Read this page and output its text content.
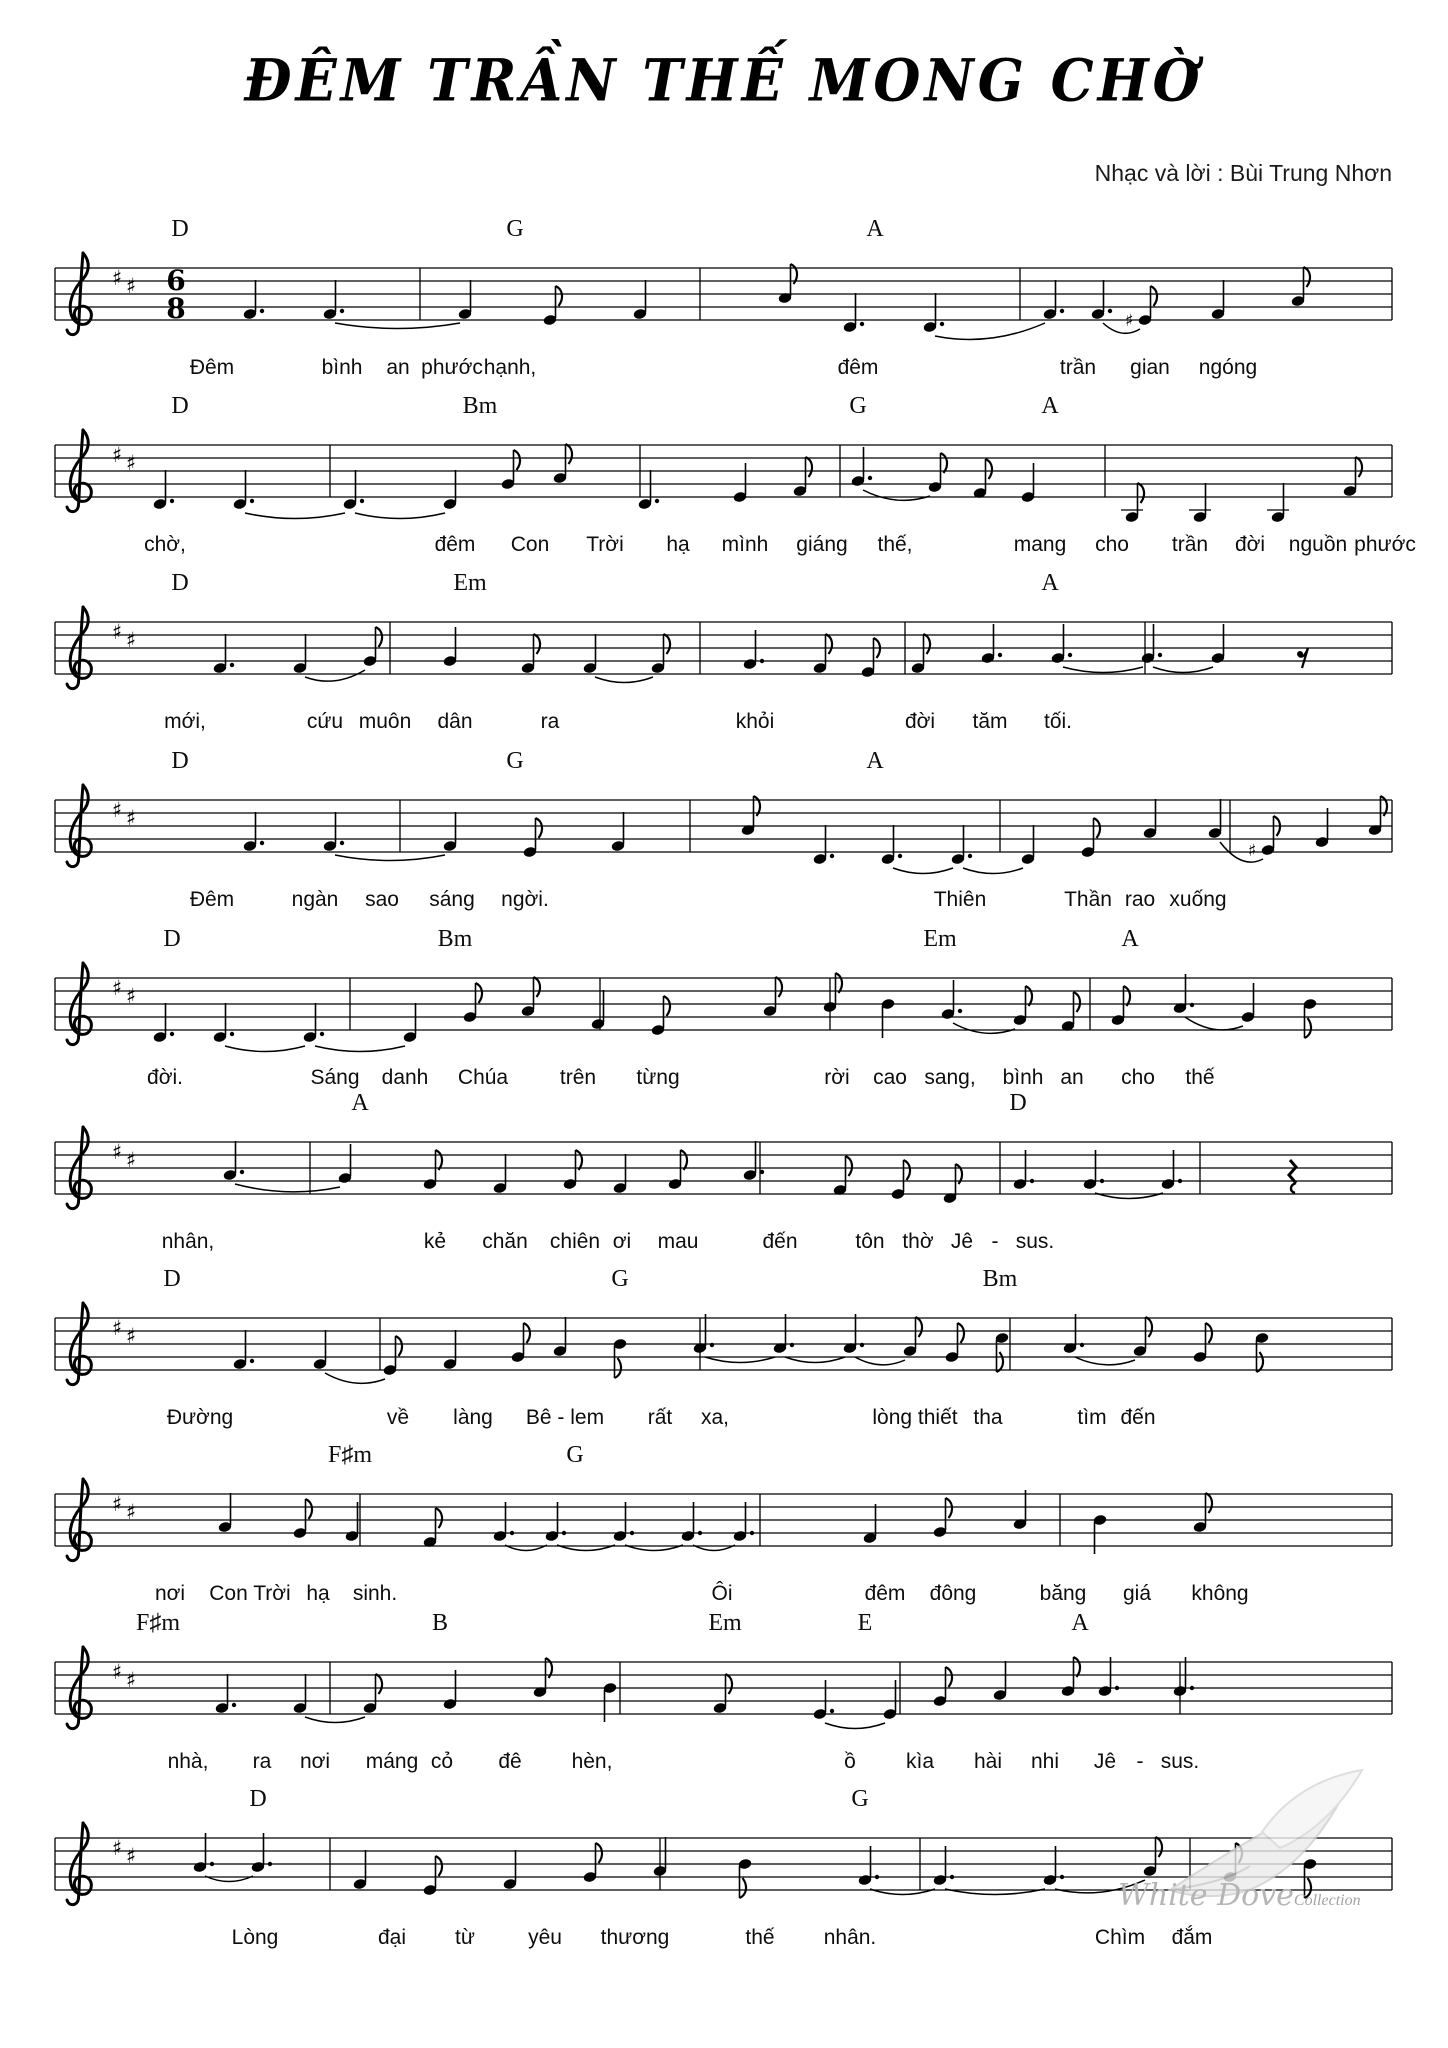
ĐÊM TRẦN THẾ MONG CHỜ
Nhạc và lời : Bùi Trung Nhơn
D	G	A
Đêm	bình an phước hạnh,	đêm	trần gian ngóng
♯ ♯ 6
8	♯
D	Bm	G	A
chờ,	đêm Con Trời hạ mình giáng thế,	mang cho trần đời nguồn phước
♯ ♯
D	Em	A
mới,	cứu muôn dân	ra	khỏi	đời tăm tối.
♯ ♯
D	G	A
Đêm	ngàn sao sáng ngời.	Thiên	Thần rao xuống
♯ ♯
♯
D	Bm	Em	A
đời.	Sáng danh Chúa trên từng	rời cao sang, bình an cho thế
♯ ♯
A	D
nhân,	kẻ chăn chiên ơi mau	đến	tôn thờ Jê - sus.
♯ ♯
D	G	Bm
Đường	về làng Bê - lem rất xa,	lòng thiết tha	tìm đến
♯ ♯
F♯m	G
nơi Con Trời hạ sinh.	Ôi	đêm đông	băng giá không
♯ ♯
F♯m	B	Em	E	A
nhà, ra nơi máng cỏ đê hèn,	ồ kìa hài nhi Jê - sus.
♯ ♯
D	G
Lòng	đại từ	yêu thương	thế nhân.	Chìm đắm
♯ ♯
White DoveCollection
